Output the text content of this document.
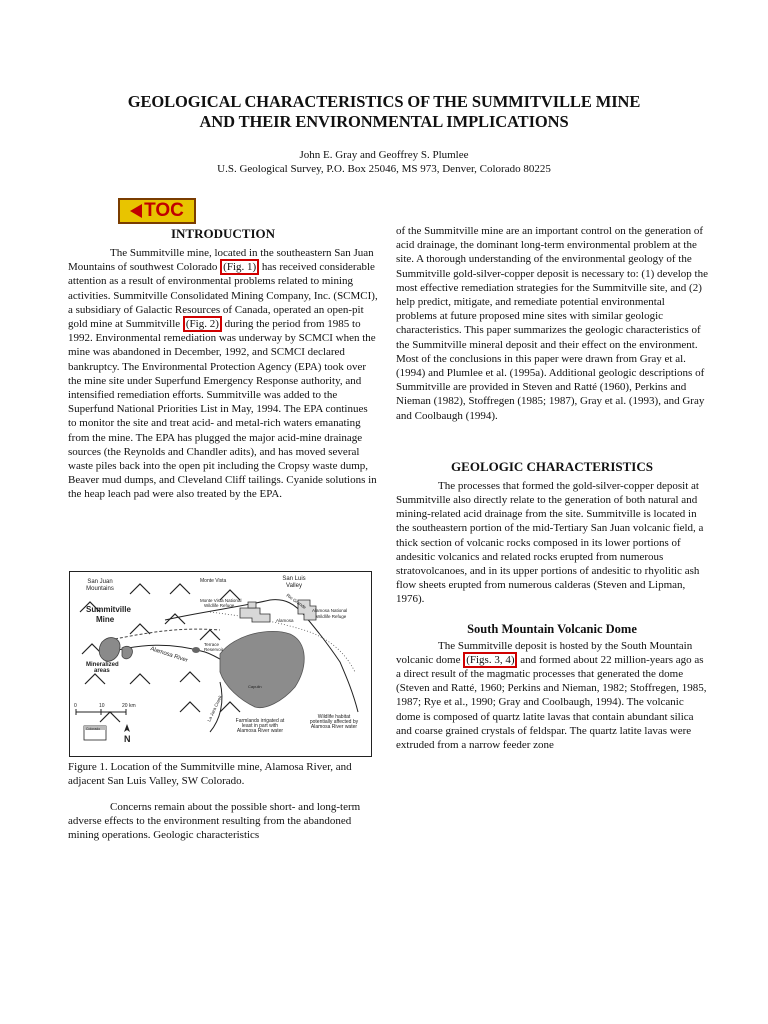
GEOLOGICAL CHARACTERISTICS OF THE SUMMITVILLE MINE
AND THEIR ENVIRONMENTAL IMPLICATIONS
John E. Gray and Geoffrey S. Plumlee
U.S. Geological Survey, P.O. Box 25046, MS 973, Denver, Colorado 80225
TOC
INTRODUCTION

The Summitville mine, located in the southeastern San Juan Mountains of southwest Colorado (Fig. 1) has received considerable attention as a result of environmental problems related to mining activities. Summitville Consolidated Mining Company, Inc. (SCMCI), a subsidiary of Galactic Resources of Canada, operated an open-pit gold mine at Summitville (Fig. 2) during the period from 1985 to 1992. Environmental remediation was underway by SCMCI when the mine was abandoned in December, 1992, and SCMCI declared bankruptcy. The Environmental Protection Agency (EPA) took over the mine site under Superfund Emergency Response authority, and intensified remediation efforts. Summitville was added to the Superfund National Priorities List in May, 1994. The EPA continues to monitor the site and treat acid- and metal-rich waters emanating from the mine. The EPA has plugged the major acid-mine drainage sources (the Reynolds and Chandler adits), and has moved several waste piles back into the open pit including the Cropsy waste dump, Beaver mud dumps, and Cleveland Cliff tailings. Cyanide solutions in the heap leach pad were also treated by the EPA.

San Juan
Mountains
Monte Vista	San Luis
Valley
Monte Vista National
Wildlife Refuge
Summitville
Mine	Alamosa
Alamosa National
Wildlife Refuge
Rio Grande
Terrace
Reservoir
Alamosa River
Mineralized
areas
Capulin
La Jara Creek	Farmlands irrigated at
least in part with
Alamosa River water
Wildlife habitat
potentially affected by
Alamosa River water
0	10	20 km
Colorado
N
Figure 1. Location of the Summitville mine, Alamosa River, and adjacent San Luis Valley, SW Colorado.

Concerns remain about the possible short- and long-term adverse effects to the environment resulting from the abandoned mining operations. Geologic characteristics

of the Summitville mine are an important control on the generation of acid drainage, the dominant long-term environmental problem at the site. A thorough understanding of the environmental geology of the Summitville gold-silver-copper deposit is necessary to: (1) develop the most effective remediation strategies for the Summitville site, and (2) help predict, mitigate, and remediate potential environmental problems at future proposed mine sites with similar geologic characteristics. This paper summarizes the geologic characteristics of the Summitville mineral deposit and their effect on the environment. Most of the conclusions in this paper were drawn from Gray et al. (1994) and Plumlee et al. (1995a). Additional geologic descriptions of Summitville are provided in Steven and Ratté (1960), Perkins and Nieman (1982), Stoffregen (1985; 1987), Gray et al. (1993), and Gray and Coolbaugh (1994).

GEOLOGIC CHARACTERISTICS

The processes that formed the gold-silver-copper deposit at Summitville also directly relate to the generation of both natural and mining-related acid drainage from the site. Summitville is located in the southeastern portion of the mid-Tertiary San Juan volcanic field, a thick section of volcanic rocks composed in its lower portions of andesitic volcanics and related rocks erupted from numerous stratovolcanoes, and in its upper portions of andesitic to rhyolitic ash flow sheets erupted from numerous calderas (Steven and Lipman, 1976).

South Mountain Volcanic Dome

The Summitville deposit is hosted by the South Mountain volcanic dome (Figs. 3, 4) and formed about 22 million-years ago as a direct result of the magmatic processes that generated the dome (Steven and Ratté, 1960; Perkins and Nieman, 1982; Stoffregen, 1985, 1987; Rye et al., 1990; Gray and Coolbaugh, 1994). The volcanic dome is composed of quartz latite lavas that contain abundant silica and coarse grained crystals of feldspar. The quartz latite lavas were extruded from a narrow feeder zone
